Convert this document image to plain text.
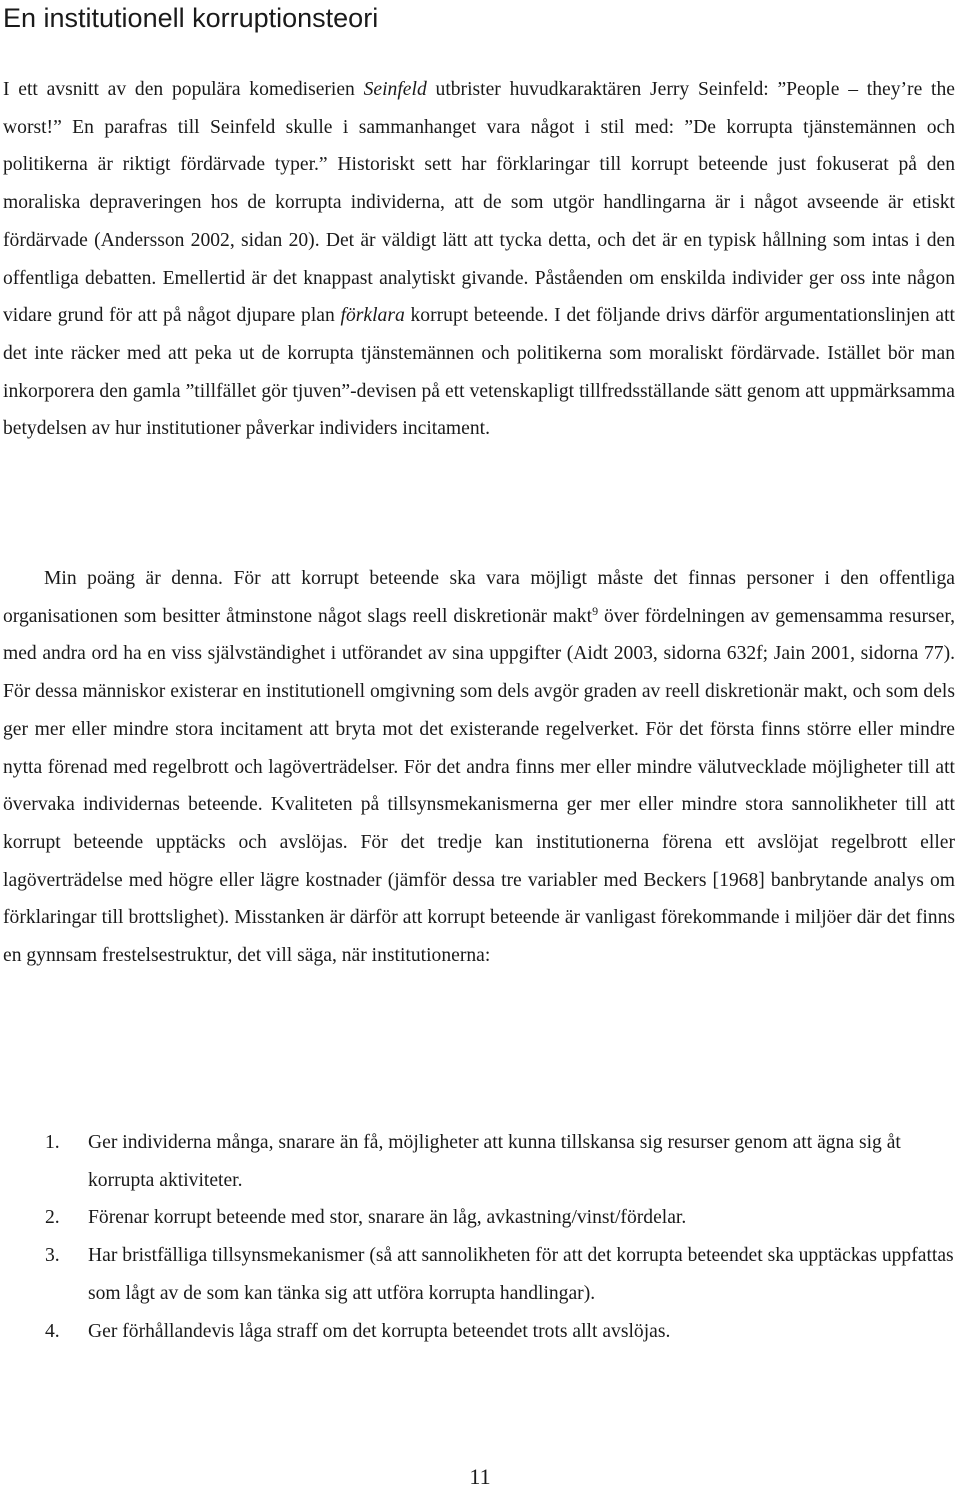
En institutionell korruptionsteori

I ett avsnitt av den populära komediserien Seinfeld utbrister huvudkaraktären Jerry Seinfeld: ”People – they’re the worst!” En parafras till Seinfeld skulle i sammanhanget vara något i stil med: ”De korrupta tjänstemännen och politikerna är riktigt fördärvade typer.” Historiskt sett har förklaringar till korrupt beteende just fokuserat på den moraliska depraveringen hos de korrupta individerna, att de som utgör handlingarna är i något avseende är etiskt fördärvade (Andersson 2002, sidan 20). Det är väldigt lätt att tycka detta, och det är en typisk hållning som intas i den offentliga debatten. Emellertid är det knappast analytiskt givande. Påståenden om enskilda individer ger oss inte någon vidare grund för att på något djupare plan förklara korrupt beteende. I det följande drivs därför argumentationslinjen att det inte räcker med att peka ut de korrupta tjänstemännen och politikerna som moraliskt fördärvade. Istället bör man inkorporera den gamla ”tillfället gör tjuven”-devisen på ett vetenskapligt tillfredsställande sätt genom att uppmärksamma betydelsen av hur institutioner påverkar individers incitament.

Min poäng är denna. För att korrupt beteende ska vara möjligt måste det finnas personer i den offentliga organisationen som besitter åtminstone något slags reell diskretionär makt$^9$ över fördelningen av gemensamma resurser, med andra ord ha en viss självständighet i utförandet av sina uppgifter (Aidt 2003, sidorna 632f; Jain 2001, sidorna 77). För dessa människor existerar en institutionell omgivning som dels avgör graden av reell diskretionär makt, och som dels ger mer eller mindre stora incitament att bryta mot det existerande regelverket. För det första finns större eller mindre nytta förenad med regelbrott och lagöverträdelser. För det andra finns mer eller mindre välutvecklade möjligheter till att övervaka individernas beteende. Kvaliteten på tillsynsmekanismerna ger mer eller mindre stora sannolikheter till att korrupt beteende upptäcks och avslöjas. För det tredje kan institutionerna förena ett avslöjat regelbrott eller lagöverträdelse med högre eller lägre kostnader (jämför dessa tre variabler med Beckers [1968] banbrytande analys om förklaringar till brottslighet). Misstanken är därför att korrupt beteende är vanligast förekommande i miljöer där det finns en gynnsam frestelsestruktur, det vill säga, när institutionerna:

1. Ger individerna många, snarare än få, möjligheter att kunna tillskansa sig resurser genom att ägna sig åt korrupta aktiviteter.
2. Förenar korrupt beteende med stor, snarare än låg, avkastning/vinst/fördelar.
3. Har bristfälliga tillsynsmekanismer (så att sannolikheten för att det korrupta beteendet ska upptäckas uppfattas som lågt av de som kan tänka sig att utföra korrupta handlingar).
4. Ger förhållandevis låga straff om det korrupta beteendet trots allt avslöjas.
11
